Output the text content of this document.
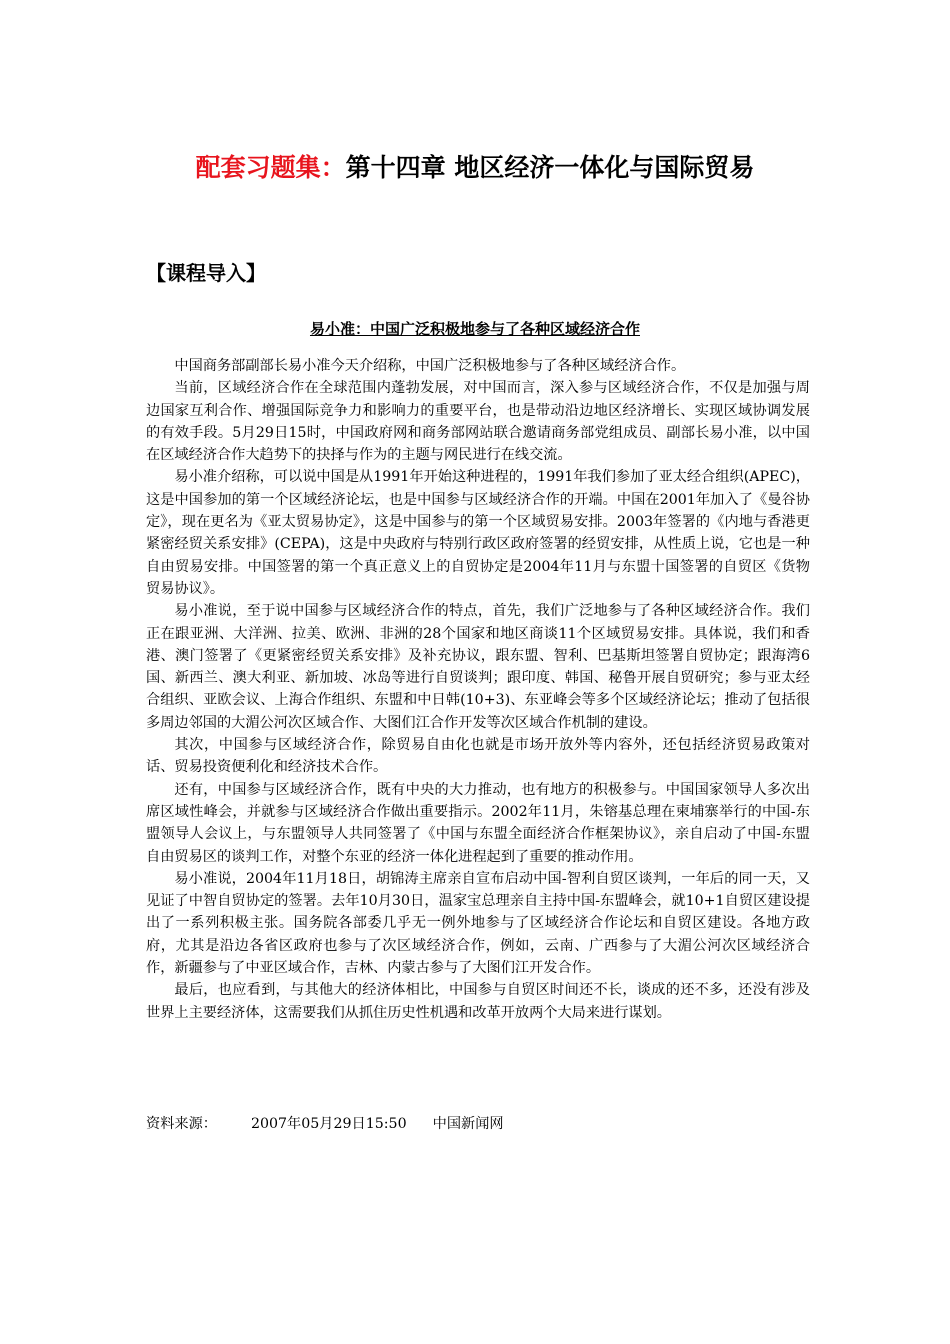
配套习题集：第十四章 地区经济一体化与国际贸易
【课程导入】
易小准：中国广泛积极地参与了各种区域经济合作

中国商务部副部长易小准今天介绍称，中国广泛积极地参与了各种区域经济合作。

当前，区域经济合作在全球范围内蓬勃发展，对中国而言，深入参与区域经济合作，不仅是加强与周边国家互利合作、增强国际竞争力和影响力的重要平台，也是带动沿边地区经济增长、实现区域协调发展的有效手段。5月29日15时，中国政府网和商务部网站联合邀请商务部党组成员、副部长易小准，以中国在区域经济合作大趋势下的抉择与作为的主题与网民进行在线交流。

易小准介绍称，可以说中国是从1991年开始这种进程的，1991年我们参加了亚太经合组织(APEC)，这是中国参加的第一个区域经济论坛，也是中国参与区域经济合作的开端。中国在2001年加入了《曼谷协定》，现在更名为《亚太贸易协定》，这是中国参与的第一个区域贸易安排。2003年签署的《内地与香港更紧密经贸关系安排》(CEPA)，这是中央政府与特别行政区政府签署的经贸安排，从性质上说，它也是一种自由贸易安排。中国签署的第一个真正意义上的自贸协定是2004年11月与东盟十国签署的自贸区《货物贸易协议》。

易小准说，至于说中国参与区域经济合作的特点，首先，我们广泛地参与了各种区域经济合作。我们正在跟亚洲、大洋洲、拉美、欧洲、非洲的28个国家和地区商谈11个区域贸易安排。具体说，我们和香港、澳门签署了《更紧密经贸关系安排》及补充协议，跟东盟、智利、巴基斯坦签署自贸协定；跟海湾6国、新西兰、澳大利亚、新加坡、冰岛等进行自贸谈判；跟印度、韩国、秘鲁开展自贸研究；参与亚太经合组织、亚欧会议、上海合作组织、东盟和中日韩(10+3)、东亚峰会等多个区域经济论坛；推动了包括很多周边邻国的大湄公河次区域合作、大图们江合作开发等次区域合作机制的建设。

其次，中国参与区域经济合作，除贸易自由化也就是市场开放外等内容外，还包括经济贸易政策对话、贸易投资便利化和经济技术合作。

还有，中国参与区域经济合作，既有中央的大力推动，也有地方的积极参与。中国国家领导人多次出席区域性峰会，并就参与区域经济合作做出重要指示。2002年11月，朱镕基总理在柬埔寨举行的中国-东盟领导人会议上，与东盟领导人共同签署了《中国与东盟全面经济合作框架协议》，亲自启动了中国-东盟自由贸易区的谈判工作，对整个东亚的经济一体化进程起到了重要的推动作用。

易小准说，2004年11月18日，胡锦涛主席亲自宣布启动中国-智利自贸区谈判，一年后的同一天，又见证了中智自贸协定的签署。去年10月30日，温家宝总理亲自主持中国-东盟峰会，就10+1自贸区建设提出了一系列积极主张。国务院各部委几乎无一例外地参与了区域经济合作论坛和自贸区建设。各地方政府，尤其是沿边各省区政府也参与了次区域经济合作，例如，云南、广西参与了大湄公河次区域经济合作，新疆参与了中亚区域合作，吉林、内蒙古参与了大图们江开发合作。

最后，也应看到，与其他大的经济体相比，中国参与自贸区时间还不长，谈成的还不多，还没有涉及世界上主要经济体，这需要我们从抓住历史性机遇和改革开放两个大局来进行谋划。

资料来源： 2007年05月29日15:50 中国新闻网
